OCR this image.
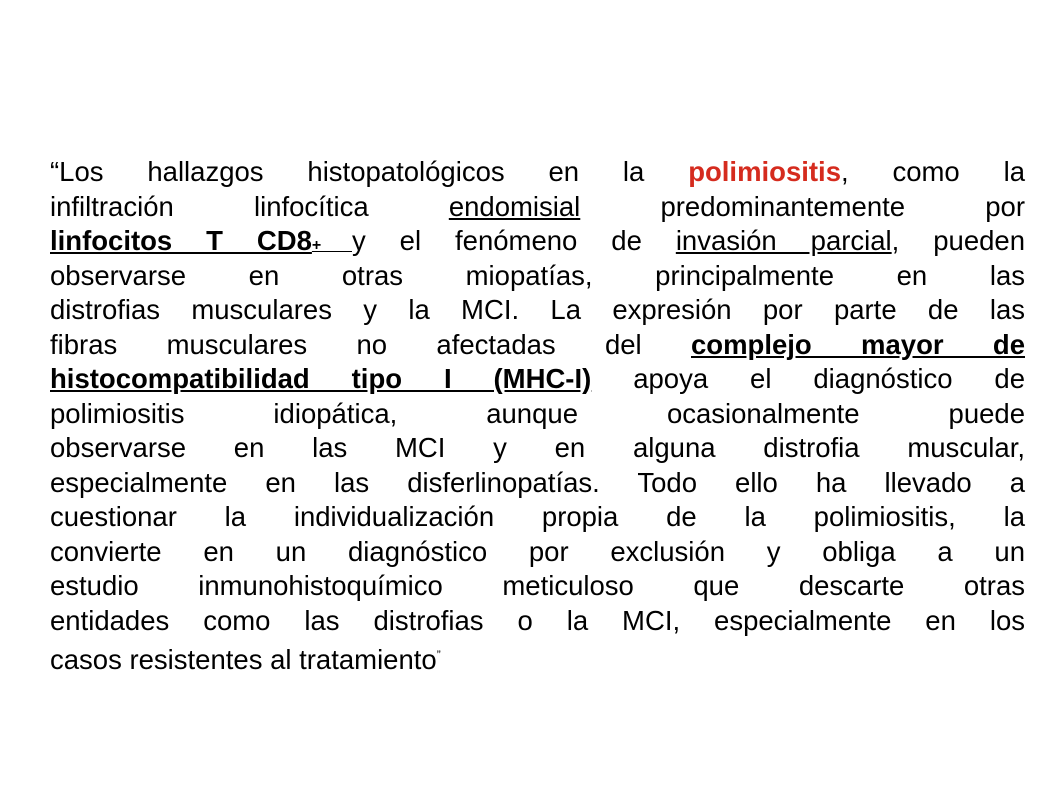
“Los hallazgos histopatológicos en la polimiositis, como la
infiltración linfocítica endomisial predominantemente por
linfocitos T CD8+ y el fenómeno de invasión parcial, pueden
observarse en otras miopatías, principalmente en las
distrofias musculares y la MCI. La expresión por parte de las
fibras musculares no afectadas del complejo mayor de
histocompatibilidad tipo I (MHC-I) apoya el diagnóstico de
polimiositis idiopática, aunque ocasionalmente puede
observarse en las MCI y en alguna distrofia muscular,
especialmente en las disferlinopatías. Todo ello ha llevado a
cuestionar la individualización propia de la polimiositis, la
convierte en un diagnóstico por exclusión y obliga a un
estudio inmunohistoquímico meticuloso que descarte otras
entidades como las distrofias o la MCI, especialmente en los
casos resistentes al tratamiento”
